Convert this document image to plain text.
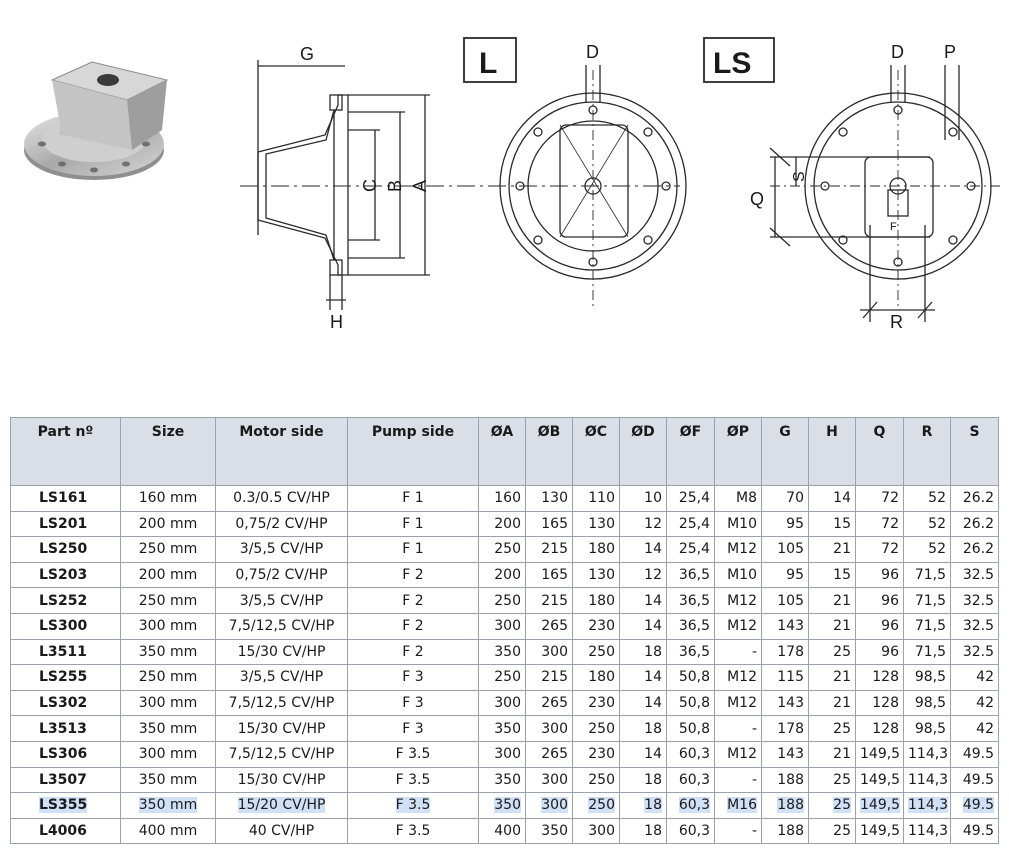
G
A
B
C
H
L	D	LS	D P
Q
S
F
R
Part nº	Size	Motor side	Pump side	ØA	ØB	ØC	ØD	ØF	ØP	G	H	Q	R	S
LS161	160 mm	0.3/0.5 CV/HP	F 1	160	130	110	10	25,4	M8	70	14	72	52	26.2
LS201	200 mm	0,75/2 CV/HP	F 1	200	165	130	12	25,4	M10	95	15	72	52	26.2
LS250	250 mm	3/5,5 CV/HP	F 1	250	215	180	14	25,4	M12	105	21	72	52	26.2
LS203	200 mm	0,75/2 CV/HP	F 2	200	165	130	12	36,5	M10	95	15	96	71,5	32.5
LS252	250 mm	3/5,5 CV/HP	F 2	250	215	180	14	36,5	M12	105	21	96	71,5	32.5
LS300	300 mm	7,5/12,5 CV/HP	F 2	300	265	230	14	36,5	M12	143	21	96	71,5	32.5
L3511	350 mm	15/30 CV/HP	F 2	350	300	250	18	36,5	-	178	25	96	71,5	32.5
LS255	250 mm	3/5,5 CV/HP	F 3	250	215	180	14	50,8	M12	115	21	128	98,5	42
LS302	300 mm	7,5/12,5 CV/HP	F 3	300	265	230	14	50,8	M12	143	21	128	98,5	42
L3513	350 mm	15/30 CV/HP	F 3	350	300	250	18	50,8	-	178	25	128	98,5	42
LS306	300 mm	7,5/12,5 CV/HP	F 3.5	300	265	230	14	60,3	M12	143	21	149,5	114,3	49.5
L3507	350 mm	15/30 CV/HP	F 3.5	350	300	250	18	60,3	-	188	25	149,5	114,3	49.5
LS355	350 mm	15/20 CV/HP	F 3.5	350	300	250	18	60,3	M16	188	25	149,5	114,3	49.5
L4006	400 mm	40 CV/HP	F 3.5	400	350	300	18	60,3	-	188	25	149,5	114,3	49.5
